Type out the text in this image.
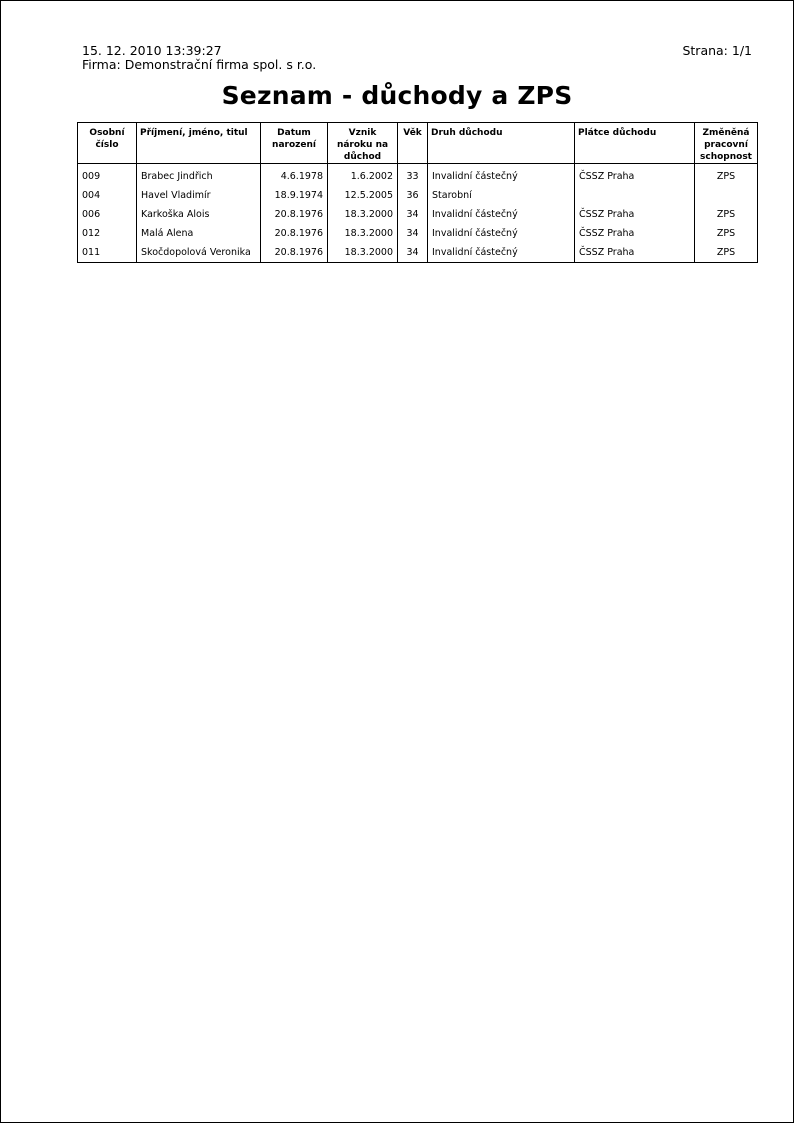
15. 12. 2010 13:39:27
Firma: Demonstrační firma spol. s r.o.
Strana: 1/1
Seznam - důchody a ZPS
Osobní číslo	Příjmení, jméno, titul	Datum narození	Vznik nároku na důchod	Věk	Druh důchodu	Plátce důchodu	Změněná pracovní schopnost
009	Brabec Jindřich	4.6.1978	1.6.2002	33	Invalidní částečný	ČSSZ Praha	ZPS
004	Havel Vladimír	18.9.1974	12.5.2005	36	Starobní		
006	Karkoška Alois	20.8.1976	18.3.2000	34	Invalidní částečný	ČSSZ Praha	ZPS
012	Malá Alena	20.8.1976	18.3.2000	34	Invalidní částečný	ČSSZ Praha	ZPS
011	Skočdopolová Veronika	20.8.1976	18.3.2000	34	Invalidní částečný	ČSSZ Praha	ZPS
